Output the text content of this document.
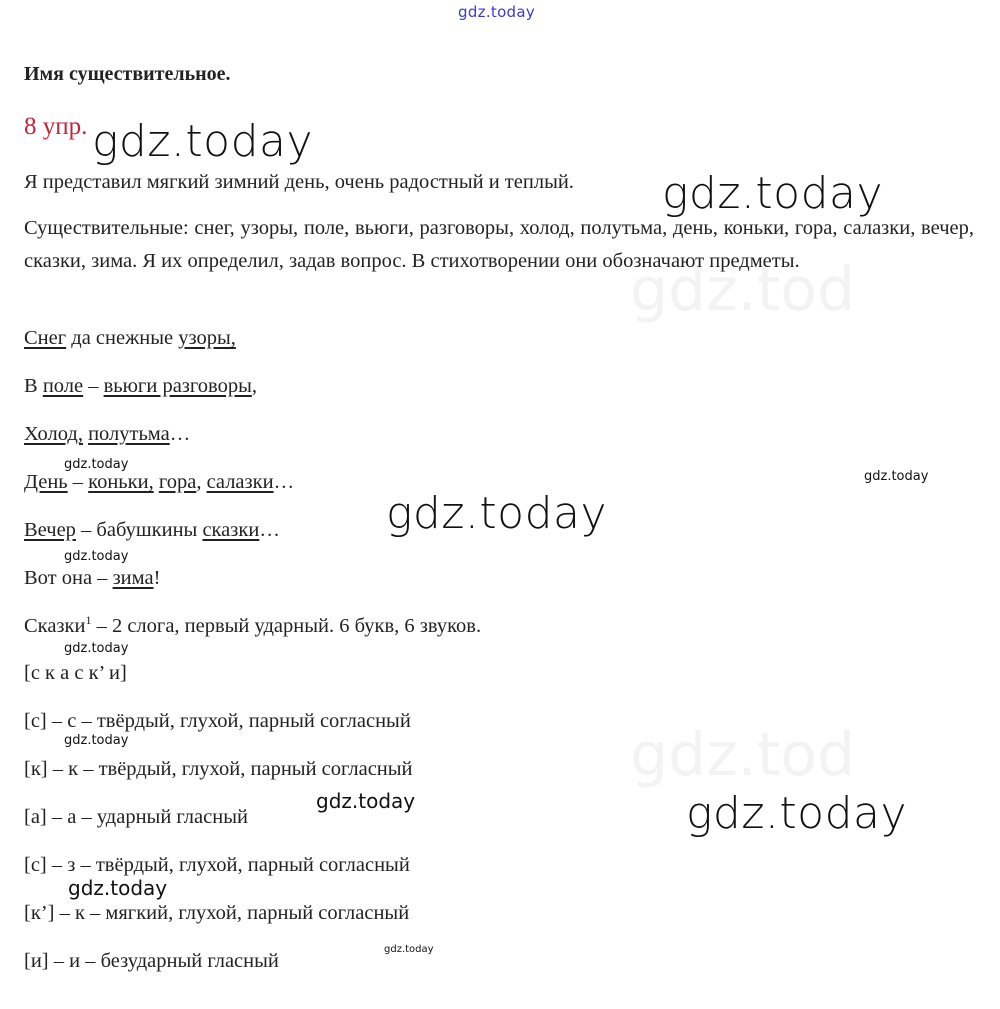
gdz.tod
gdz.tod
Имя существительное.
8 упр.
Я представил мягкий зимний день, очень радостный и теплый.
Существительные: снег, узоры, поле, вьюги, разговоры, холод, полутьма, день, коньки, гора, салазки, вечер, сказки, зима. Я их определил, задав вопрос. В стихотворении они обозначают предметы.
Снег да снежные узоры,
В поле – вьюги разговоры,
Холод, полутьма…
День – коньки, гора, салазки…
Вечер – бабушкины сказки…
Вот она – зима!
Сказки$^1$ – 2 слога, первый ударный. 6 букв, 6 звуков.
[с к а с к’ и]
[с] – с – твёрдый, глухой, парный согласный
[к] – к – твёрдый, глухой, парный согласный
[а] – а – ударный гласный
[с] – з – твёрдый, глухой, парный согласный
[к’] – к – мягкий, глухой, парный согласный
[и] – и – безударный гласный
gdz.today
gdz.today
gdz.today
gdz.today
gdz.today
gdz.today
gdz.today
gdz.today
gdz.today
gdz.today	gdz.today
gdz.today
gdz.today
